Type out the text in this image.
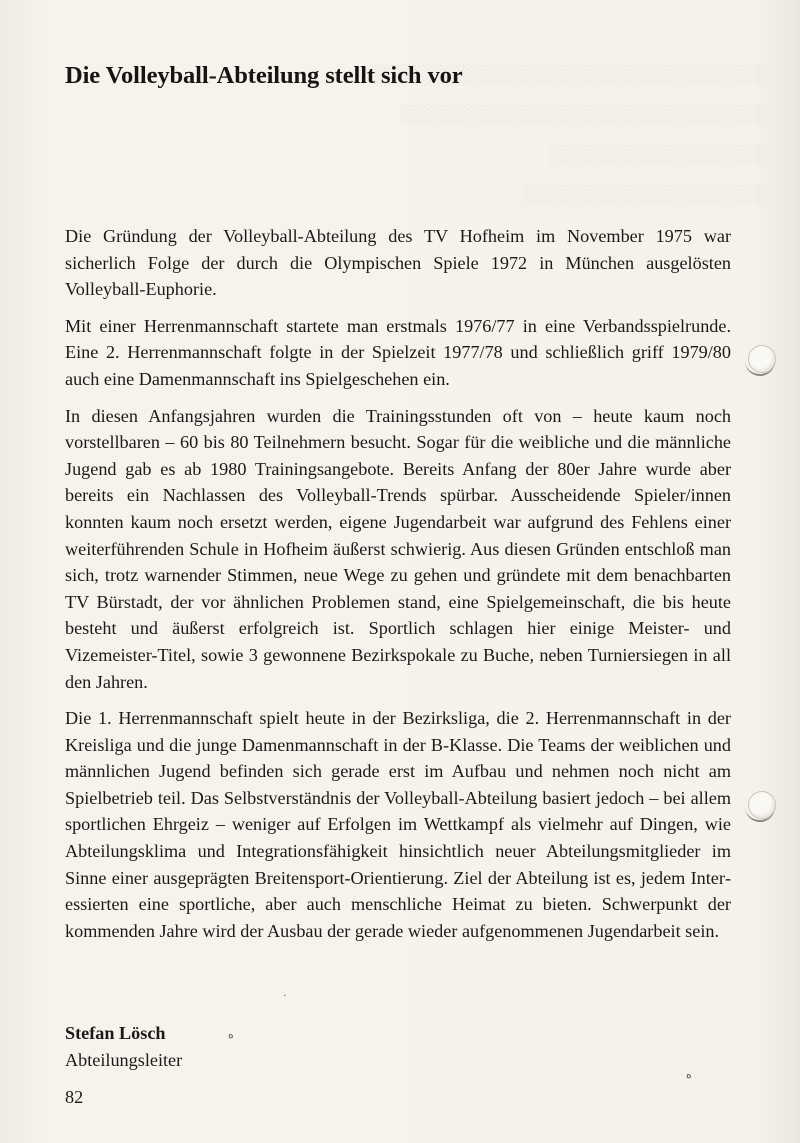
░░░░░░░░░░░░░░░░░░░░░░░░░░░░░
░░░░░░░░░░░░░░░░░░░░░░░░░░░
░░░░░░░░░░░░░░░░
░░░░░░░░░░░░░░░░░░
Die Volleyball-Abteilung stellt sich vor

Die Gründung der Volleyball-Abteilung des TV Hofheim im November 1975 war sicherlich Folge der durch die Olympischen Spiele 1972 in München ausgelösten Volleyball-Euphorie.

Mit einer Herrenmannschaft startete man erstmals 1976/77 in eine Verbandsspielrunde. Eine 2. Herrenmannschaft folgte in der Spielzeit 1977/78 und schließlich griff 1979/80 auch eine Damenmannschaft ins Spielgeschehen ein.

In diesen Anfangsjahren wurden die Trainingsstunden oft von – heute kaum noch vorstellbaren – 60 bis 80 Teilnehmern besucht. Sogar für die weibliche und die männliche Jugend gab es ab 1980 Trainingsangebote. Bereits Anfang der 80er Jahre wurde aber bereits ein Nachlassen des Volleyball-Trends spürbar. Ausscheidende Spieler/innen konnten kaum noch ersetzt werden, eigene Jugendarbeit war aufgrund des Fehlens einer weiterführenden Schule in Hofheim äußerst schwierig. Aus diesen Gründen entschloß man sich, trotz warnender Stimmen, neue Wege zu gehen und gründete mit dem benachbarten TV Bürstadt, der vor ähnlichen Problemen stand, eine Spielgemeinschaft, die bis heute besteht und äußerst erfolgreich ist. Sportlich schlagen hier einige Meister- und Vizemeister-Titel, sowie 3 gewonnene Bezirkspokale zu Buche, neben Turniersiegen in all den Jahren.

Die 1. Herrenmannschaft spielt heute in der Bezirksliga, die 2. Herrenmannschaft in der Kreisliga und die junge Damenmannschaft in der B-Klasse. Die Teams der weiblichen und männlichen Jugend befinden sich gerade erst im Aufbau und nehmen noch nicht am Spielbetrieb teil. Das Selbstverständnis der Volleyball-Abteilung basiert jedoch – bei allem sportlichen Ehrgeiz – weniger auf Erfolgen im Wettkampf als vielmehr auf Dingen, wie Abteilungsklima und Integrationsfähigkeit hinsichtlich neuer Abteilungsmitglieder im Sinne einer ausgeprägten Breitensport-Orientierung. Ziel der Abteilung ist es, jedem Interessierten eine sportliche, aber auch menschliche Heimat zu bieten. Schwerpunkt der kommenden Jahre wird der Ausbau der gerade wieder aufgenommenen Jugendarbeit sein.

Stefan Lösch
Abteilungsleiter
82
ه
ه
·
